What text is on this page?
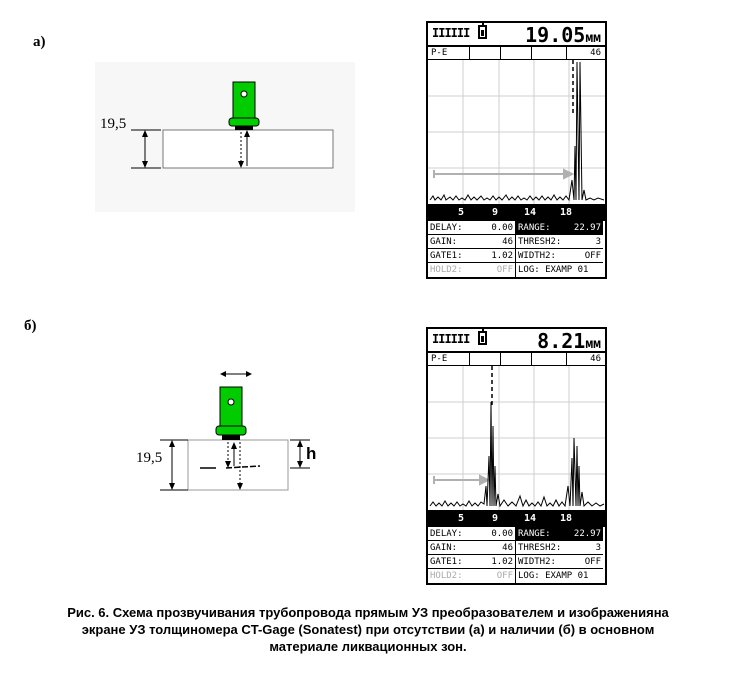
а)
19,5
IIIIII	19.05мм
P-E	46
5	9	14 18
DELAY:	0.00 RANGE:	22.97
GAIN:	46 THRESH2:	3
GATE1:	1.02 WIDTH2:	OFF
HOLD2:	OFF LOG: EXAMP 01
б)
19,5	h
IIIIII	8.21мм
P-E	46
5	9	14 18
DELAY:	0.00 RANGE:	22.97
GAIN:	46 THRESH2:	3
GATE1:	1.02 WIDTH2:	OFF
HOLD2:	OFF LOG: EXAMP 01
Рис. 6. Схема прозвучивания трубопровода прямым УЗ преобразователем и изображенияна
экране УЗ толщиномера CT-Gage (Sonatest) при отсутствии (а) и наличии (б) в основном
материале ликвационных зон.
